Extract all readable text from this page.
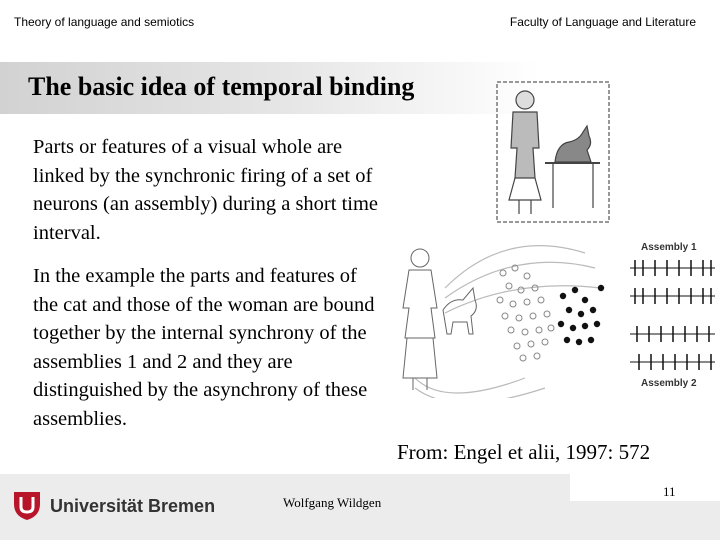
Theory of language and semiotics	Faculty of Language and Literature
The basic idea of temporal binding
Parts or features of a visual whole are linked by the synchronic firing of a set of neurons (an assembly) during a short time interval.
In the example the parts and features of the cat and those of the woman are bound together by the internal synchrony of the assemblies 1 and 2 and they are distinguished by the asynchrony of these assemblies.
Assembly 1
Assembly 2
From: Engel et alii, 1997: 572
Universität Bremen	Wolfgang Wildgen
11
